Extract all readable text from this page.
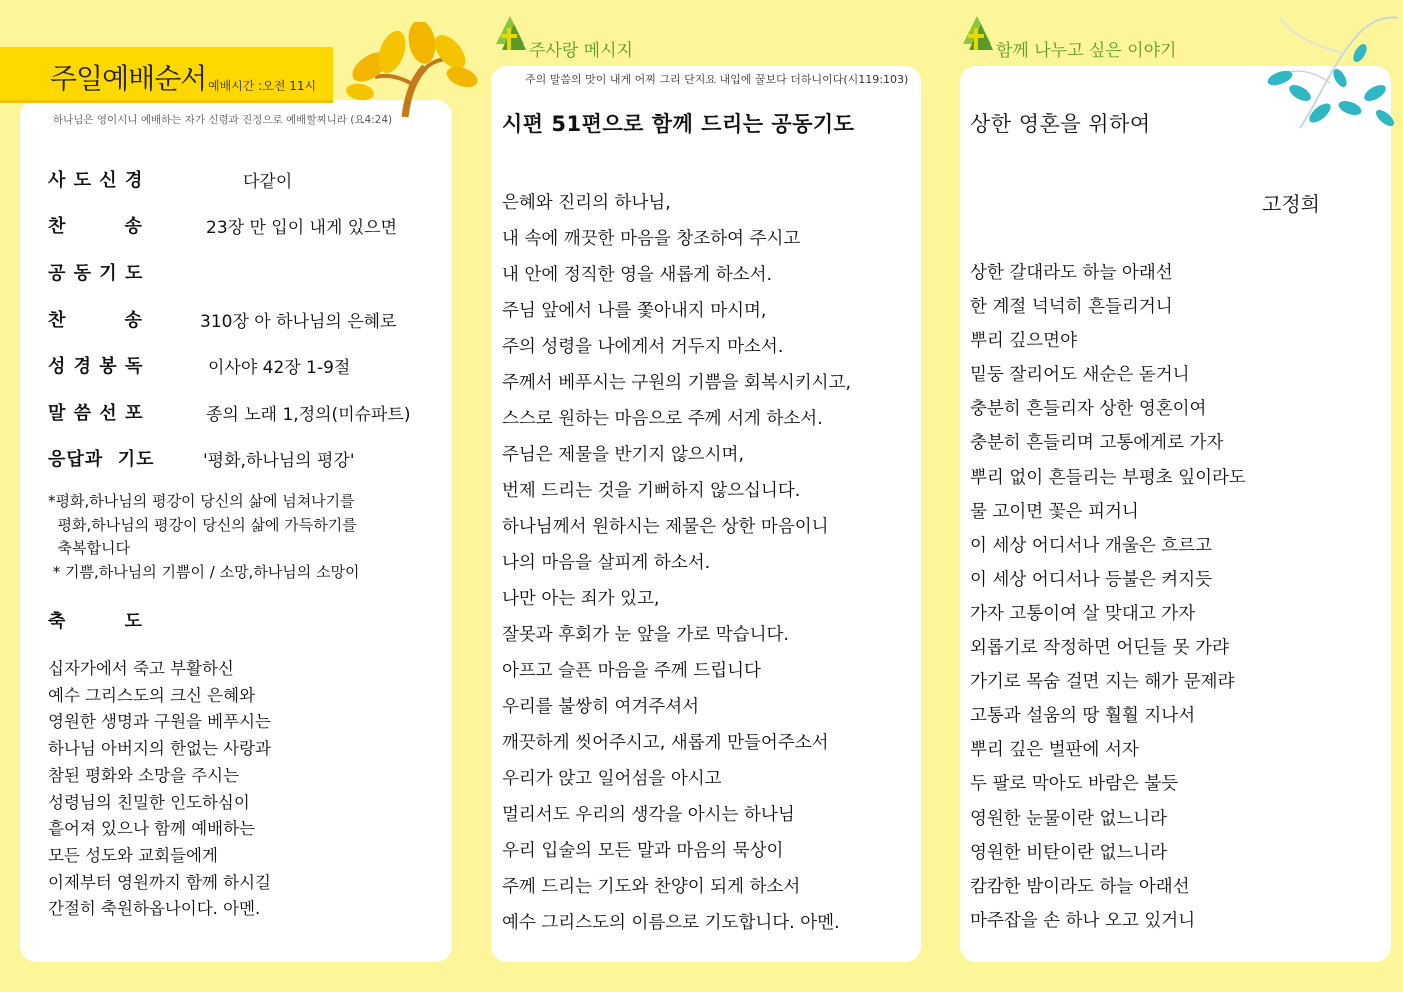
주일예배순서 예배시간 :오전 11시
하나님은 영이시니 예배하는 자가 신령과 진정으로 예배할찌니라 (요4:24)
사 도 신 경	다같이
찬        송	23장 만 입이 내게 있으면
공 동 기 도
찬        송	310장 아 하나님의 은혜로
성 경 봉 독	이사야 42장 1-9절
말 씀 선 포	종의 노래 1,정의(미슈파트)
응답과  기도	'평화,하나님의 평강'
*평화,하나님의 평강이 당신의 삶에 넘쳐나기를
평화,하나님의 평강이 당신의 삶에 가득하기를
축복합니다
* 기쁨,하나님의 기쁨이 / 소망,하나님의 소망이
축        도
십자가에서 죽고 부활하신
예수 그리스도의 크신 은혜와
영원한 생명과 구원을 베푸시는
하나님 아버지의 한없는 사랑과
참된 평화와 소망을 주시는
성령님의 친밀한 인도하심이
흩어져 있으나 함께 예배하는
모든 성도와 교회들에게
이제부터 영원까지 함께 하시길
간절히 축원하옵나이다. 아멘.
주사랑 메시지
주의 말씀의 맛이 내게 어찌 그리 단지요 내입에 꿀보다 더하니이다(시119:103)
시편 51편으로 함께 드리는 공동기도
은혜와 진리의 하나님,
내 속에 깨끗한 마음을 창조하여 주시고
내 안에 정직한 영을 새롭게 하소서.
주님 앞에서 나를 쫓아내지 마시며,
주의 성령을 나에게서 거두지 마소서.
주께서 베푸시는 구원의 기쁨을 회복시키시고,
스스로 원하는 마음으로 주께 서게 하소서.
주님은 제물을 반기지 않으시며,
번제 드리는 것을 기뻐하지 않으십니다.
하나님께서 원하시는 제물은 상한 마음이니
나의 마음을 살피게 하소서.
나만 아는 죄가 있고,
잘못과 후회가 눈 앞을 가로 막습니다.
아프고 슬픈 마음을 주께 드립니다
우리를 불쌍히 여겨주셔서
깨끗하게 씻어주시고, 새롭게 만들어주소서
우리가 앉고 일어섬을 아시고
멀리서도 우리의 생각을 아시는 하나님
우리 입술의 모든 말과 마음의 묵상이
주께 드리는 기도와 찬양이 되게 하소서
예수 그리스도의 이름으로 기도합니다. 아멘.
함께 나누고 싶은 이야기
상한 영혼을 위하여
고정희
상한 갈대라도 하늘 아래선
한 계절 넉넉히 흔들리거니
뿌리 깊으면야
밑둥 잘리어도 새순은 돋거니
충분히 흔들리자 상한 영혼이여
충분히 흔들리며 고통에게로 가자
뿌리 없이 흔들리는 부평초 잎이라도
물 고이면 꽃은 피거니
이 세상 어디서나 개울은 흐르고
이 세상 어디서나 등불은 켜지듯
가자 고통이여 살 맞대고 가자
외롭기로 작정하면 어딘들 못 가랴
가기로 목숨 걸면 지는 해가 문제랴
고통과 설움의 땅 훨훨 지나서
뿌리 깊은 벌판에 서자
두 팔로 막아도 바람은 불듯
영원한 눈물이란 없느니라
영원한 비탄이란 없느니라
캄캄한 밤이라도 하늘 아래선
마주잡을 손 하나 오고 있거니
